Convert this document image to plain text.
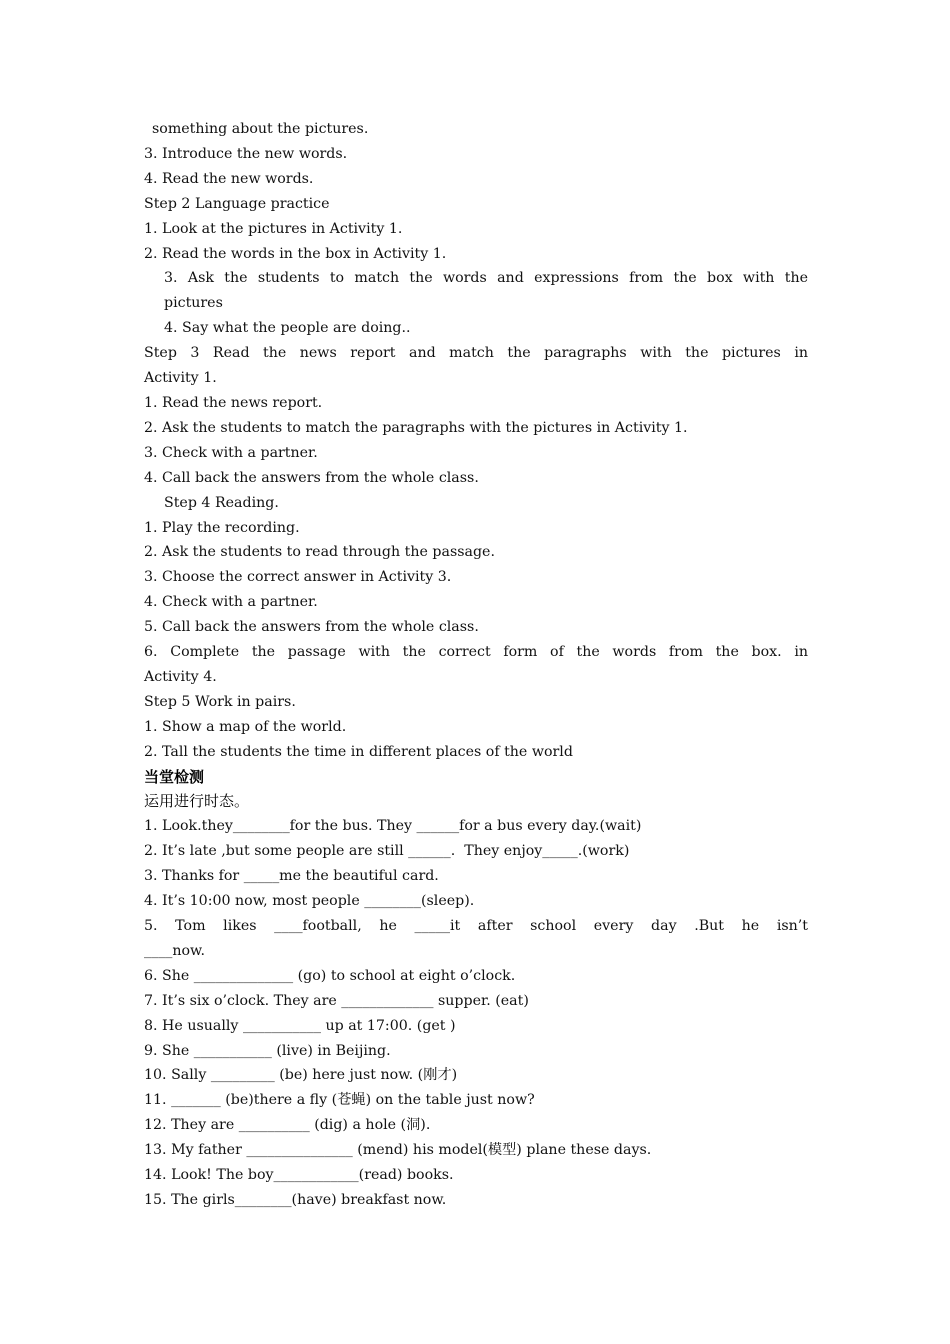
something about the pictures.

3. Introduce the new words.

4. Read the new words.

Step 2 Language practice

1. Look at the pictures in Activity 1.

2. Read the words in the box in Activity 1.

3. Ask the students to match the words and expressions from the box with the

pictures

4. Say what the people are doing..

Step 3 Read the news report and match the paragraphs with the pictures in

Activity 1.

1. Read the news report.

2. Ask the students to match the paragraphs with the pictures in Activity 1.

3. Check with a partner.

4. Call back the answers from the whole class.

Step 4 Reading.

1. Play the recording.

2. Ask the students to read through the passage.

3. Choose the correct answer in Activity 3.

4. Check with a partner.

5. Call back the answers from the whole class.

6. Complete the passage with the correct form of the words from the box. in

Activity 4.

Step 5 Work in pairs.

1. Show a map of the world.

2. Tall the students the time in different places of the world

当堂检测

运用进行时态。

1. Look.they________for the bus. They ______for a bus every day.(wait)

2. It’s late ,but some people are still ______.  They enjoy_____.(work)

3. Thanks for _____me the beautiful card.

4. It’s 10:00 now, most people ________(sleep).

5. Tom likes ____football, he _____it after school every day .But he isn’t

____now.

6. She ______________ (go) to school at eight o’clock.

7. It’s six o’clock. They are _____________ supper. (eat)

8. He usually ___________ up at 17:00. (get )

9. She ___________ (live) in Beijing.

10. Sally _________ (be) here just now. (刚才)

11. _______ (be)there a fly (苍蝇) on the table just now?

12. They are __________ (dig) a hole (洞).

13. My father _______________ (mend) his model(模型) plane these days.

14. Look! The boy____________(read) books.

15. The girls________(have) breakfast now.
